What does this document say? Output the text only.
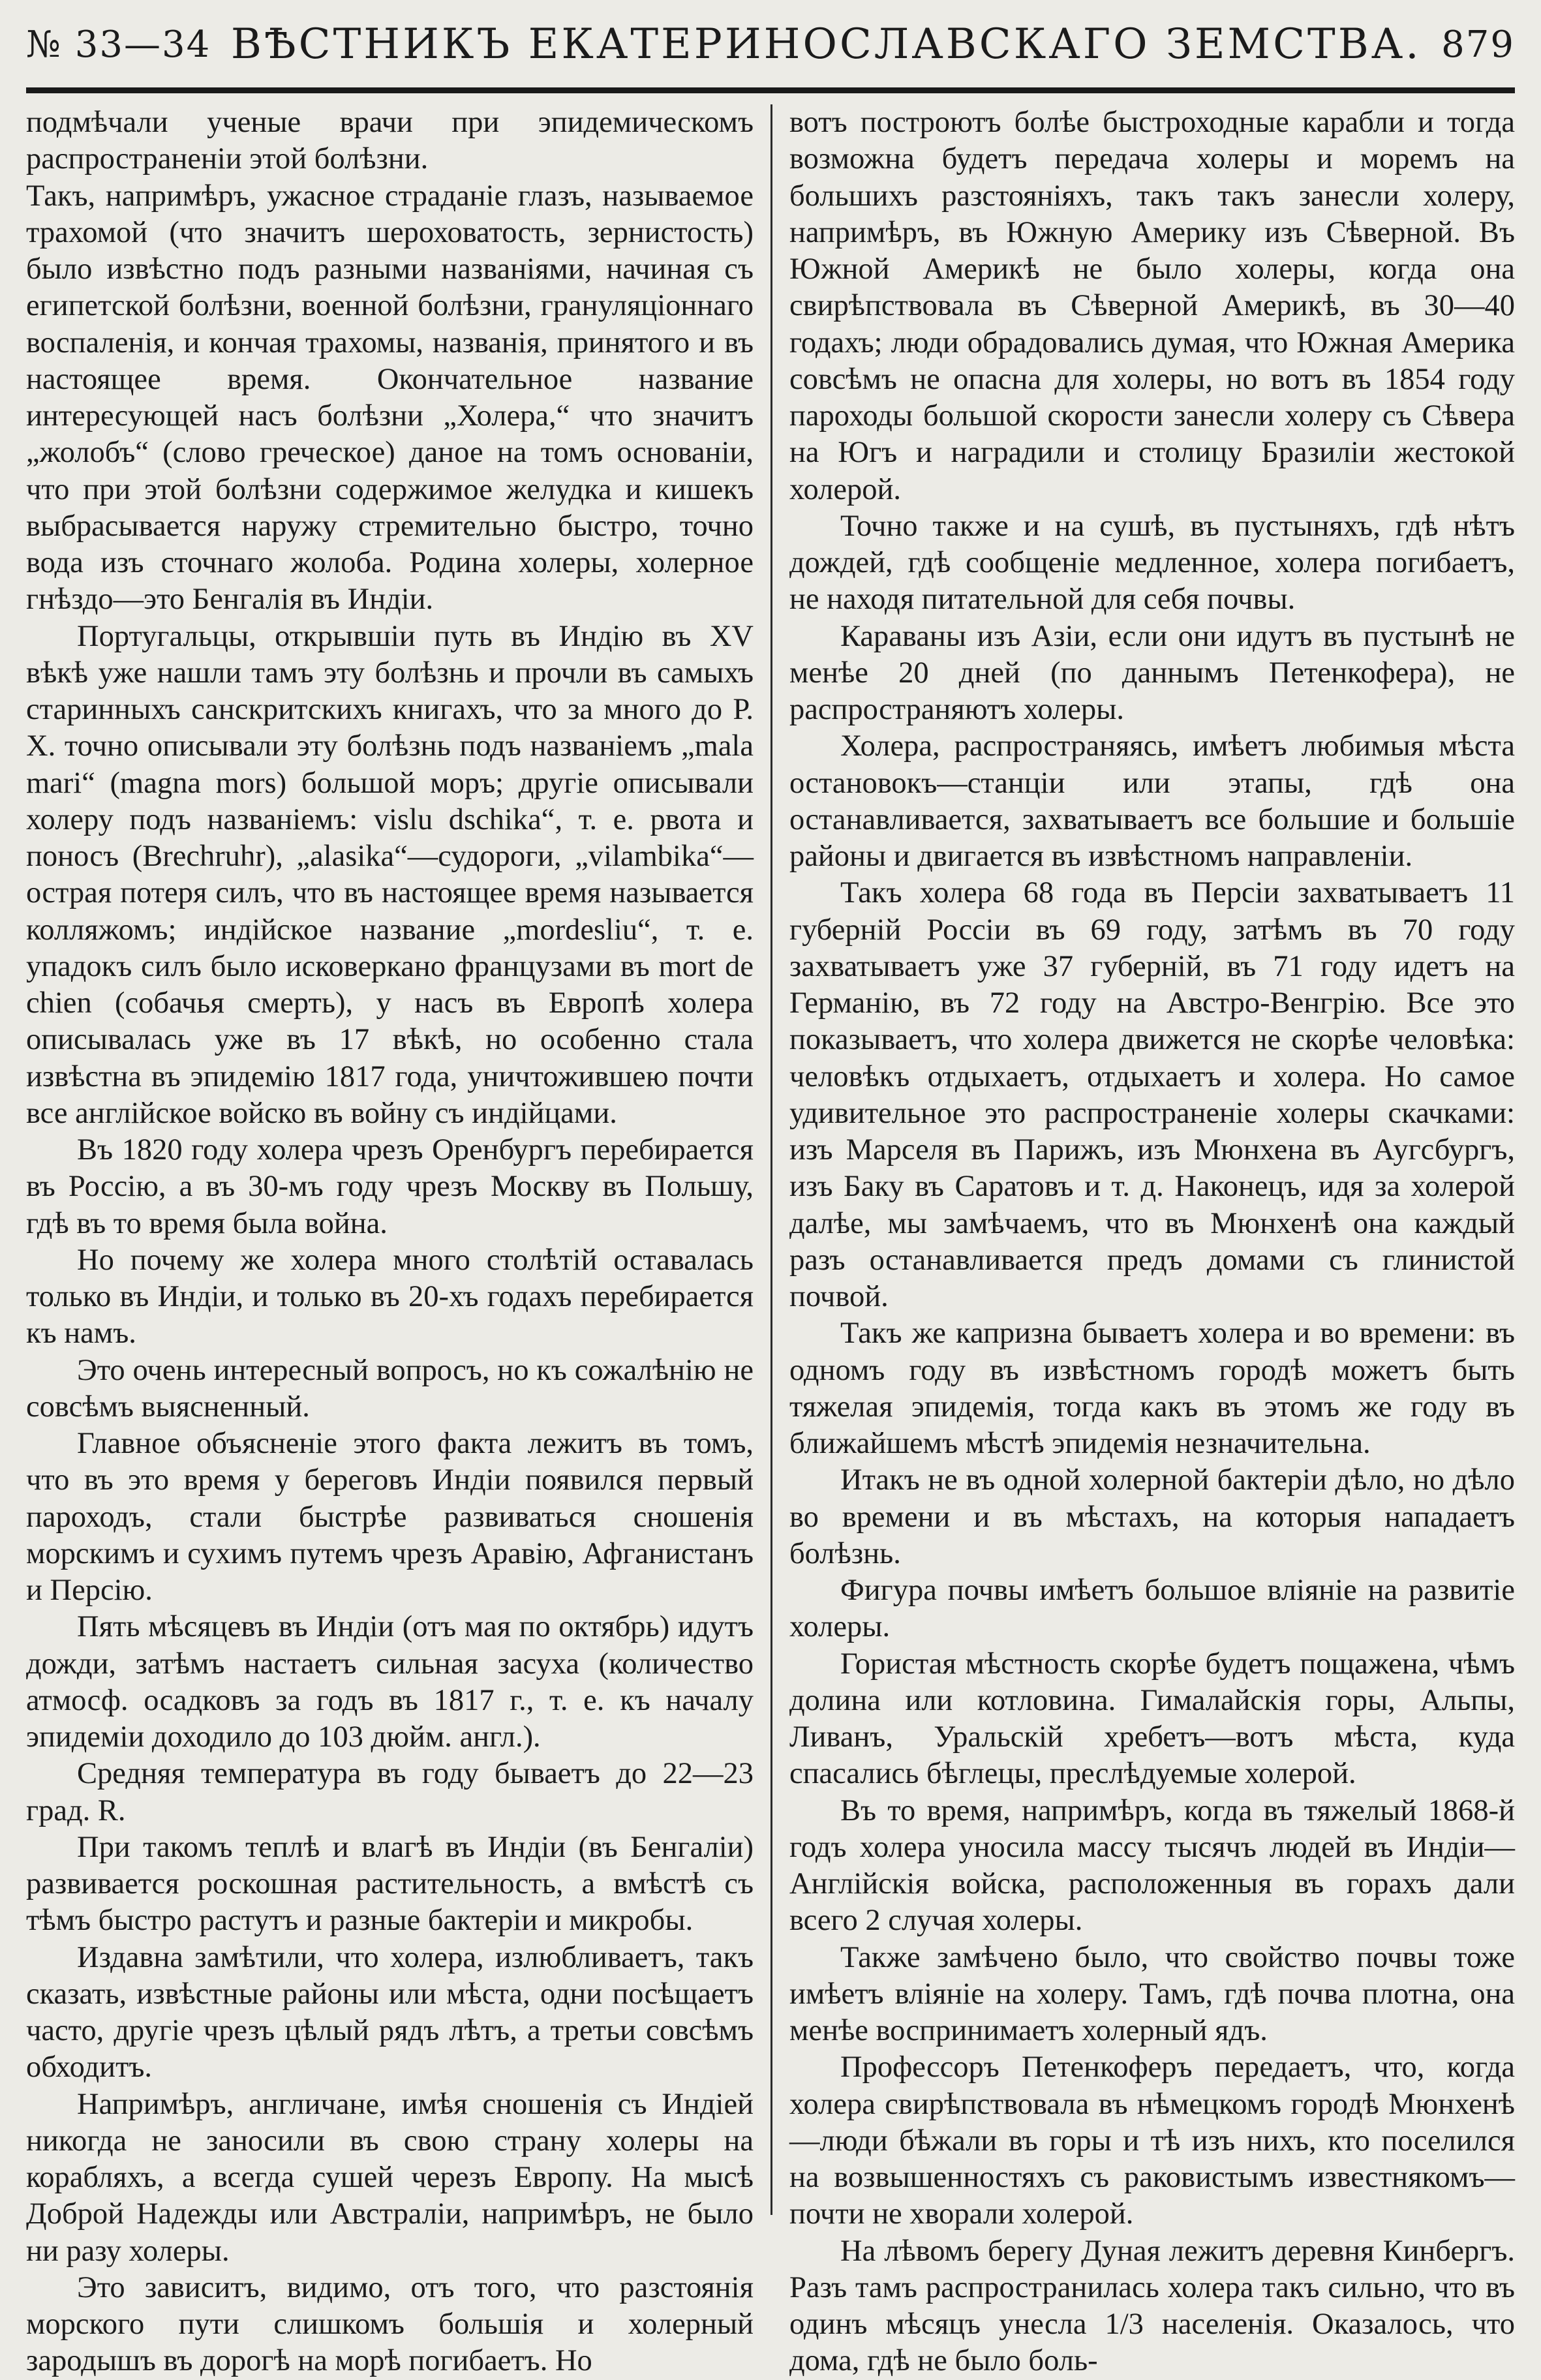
№ 33—34 ВѢСТНИКЪ ЕКАТЕРИНОСЛАВСКАГО ЗЕМСТВА. 879

подмѣчали ученые врачи при эпидемическомъ распространеніи этой болѣзни.

Такъ, напримѣръ, ужасное страданіе глазъ, называемое трахомой (что значитъ шероховатость, зернистость) было извѣстно подъ разными названіями, начиная съ египетской болѣзни, военной болѣзни, грануляціоннаго воспаленія, и кончая трахомы, названія, принятого и въ настоящее время. Окончательное название интересующей насъ болѣзни „Холера,“ что значитъ „жолобъ“ (слово греческое) даное на томъ основаніи, что при этой болѣзни содержимое желудка и кишекъ выбрасывается наружу стремительно быстро, точно вода изъ сточнаго жолоба. Родина холеры, холерное гнѣздо—это Бенгалія въ Индіи.

Португальцы, открывшіи путь въ Индію въ XV вѣкѣ уже нашли тамъ эту болѣзнь и прочли въ самыхъ старинныхъ санскритскихъ книгахъ, что за много до Р. Х. точно описывали эту болѣзнь подъ названіемъ „mala mari“ (magna mors) большой моръ; другіе описывали холеру подъ названіемъ: vislu dschika“, т. е. рвота и поносъ (Brechruhr), „alasika“—судороги, „vilambika“—острая потеря силъ, что въ настоящее время называется колляжомъ; индійское название „mordesliu“, т. е. упадокъ силъ было исковеркано французами въ mort de chien (собачья смерть), у насъ въ Европѣ холера описывалась уже въ 17 вѣкѣ, но особенно стала извѣстна въ эпидемію 1817 года, уничтожившею почти все англійское войско въ войну съ индійцами.

Въ 1820 году холера чрезъ Оренбургъ перебирается въ Россію, а въ 30-мъ году чрезъ Москву въ Польшу, гдѣ въ то время была война.

Но почему же холера много столѣтій оставалась только въ Индіи, и только въ 20-хъ годахъ перебирается къ намъ.

Это очень интересный вопросъ, но къ сожалѣнію не совсѣмъ выясненный.

Главное объясненіе этого факта лежитъ въ томъ, что въ это время у береговъ Индіи появился первый пароходъ, стали быстрѣе развиваться сношенія морскимъ и сухимъ путемъ чрезъ Аравію, Афганистанъ и Персію.

Пять мѣсяцевъ въ Индіи (отъ мая по октябрь) идутъ дожди, затѣмъ настаетъ сильная засуха (количество атмосф. осадковъ за годъ въ 1817 г., т. е. къ началу эпидеміи доходило до 103 дюйм. англ.).

Средняя температура въ году бываетъ до 22—23 град. R.

При такомъ теплѣ и влагѣ въ Индіи (въ Бенгаліи) развивается роскошная растительность, а вмѣстѣ съ тѣмъ быстро растутъ и разные бактеріи и микробы.

Издавна замѣтили, что холера, излюбливаетъ, такъ сказать, извѣстные районы или мѣста, одни посѣщаетъ часто, другіе чрезъ цѣлый рядъ лѣтъ, а третьи совсѣмъ обходитъ.

Напримѣръ, англичане, имѣя сношенія съ Индіей никогда не заносили въ свою страну холеры на корабляхъ, а всегда сушей черезъ Европу. На мысѣ Доброй Надежды или Австраліи, напримѣръ, не было ни разу холеры.

Это зависитъ, видимо, отъ того, что разстоянія морского пути слишкомъ большія и холерный зародышъ въ дорогѣ на морѣ погибаетъ. Но

вотъ построютъ болѣе быстроходные карабли и тогда возможна будетъ передача холеры и моремъ на большихъ разстояніяхъ, такъ такъ занесли холеру, напримѣръ, въ Южную Америку изъ Сѣверной. Въ Южной Америкѣ не было холеры, когда она свирѣпствовала въ Сѣверной Америкѣ, въ 30—40 годахъ; люди обрадовались думая, что Южная Америка совсѣмъ не опасна для холеры, но вотъ въ 1854 году пароходы большой скорости занесли холеру съ Сѣвера на Югъ и наградили и столицу Бразиліи жестокой холерой.

Точно также и на сушѣ, въ пустыняхъ, гдѣ нѣтъ дождей, гдѣ сообщеніе медленное, холера погибаетъ, не находя питательной для себя почвы.

Караваны изъ Азіи, если они идутъ въ пустынѣ не менѣе 20 дней (по даннымъ Петенкофера), не распространяютъ холеры.

Холера, распространяясь, имѣетъ любимыя мѣста остановокъ—станціи или этапы, гдѣ она останавливается, захватываетъ все большие и большіе районы и двигается въ извѣстномъ направленіи.

Такъ холера 68 года въ Персіи захватываетъ 11 губерній Россіи въ 69 году, затѣмъ въ 70 году захватываетъ уже 37 губерній, въ 71 году идетъ на Германію, въ 72 году на Австро-Венгрію. Все это показываетъ, что холера движется не скорѣе человѣка: человѣкъ отдыхаетъ, отдыхаетъ и холера. Но самое удивительное это распространеніе холеры скачками: изъ Марселя въ Парижъ, изъ Мюнхена въ Аугсбургъ, изъ Баку въ Саратовъ и т. д. Наконецъ, идя за холерой далѣе, мы замѣчаемъ, что въ Мюнхенѣ она каждый разъ останавливается предъ домами съ глинистой почвой.

Такъ же капризна бываетъ холера и во времени: въ одномъ году въ извѣстномъ городѣ можетъ быть тяжелая эпидемія, тогда какъ въ этомъ же году въ ближайшемъ мѣстѣ эпидемія незначительна.

Итакъ не въ одной холерной бактеріи дѣло, но дѣло во времени и въ мѣстахъ, на которыя нападаетъ болѣзнь.

Фигура почвы имѣетъ большое вліяніе на развитіе холеры.

Гористая мѣстность скорѣе будетъ пощажена, чѣмъ долина или котловина. Гималайскія горы, Альпы, Ливанъ, Уральскій хребетъ—вотъ мѣста, куда спасались бѣглецы, преслѣдуемые холерой.

Въ то время, напримѣръ, когда въ тяжелый 1868-й годъ холера уносила массу тысячъ людей въ Индіи—Англійскія войска, расположенныя въ горахъ дали всего 2 случая холеры.

Также замѣчено было, что свойство почвы тоже имѣетъ вліяніе на холеру. Тамъ, гдѣ почва плотна, она менѣе воспринимаетъ холерный ядъ.

Профессоръ Петенкоферъ передаетъ, что, когда холера свирѣпствовала въ нѣмецкомъ городѣ Мюнхенѣ—люди бѣжали въ горы и тѣ изъ нихъ, кто поселился на возвышенностяхъ съ раковистымъ известнякомъ—почти не хворали холерой.

На лѣвомъ берегу Дуная лежитъ деревня Кинбергъ. Разъ тамъ распространилась холера такъ сильно, что въ одинъ мѣсяцъ унесла 1/3 населенія. Оказалось, что дома, гдѣ не было боль-
